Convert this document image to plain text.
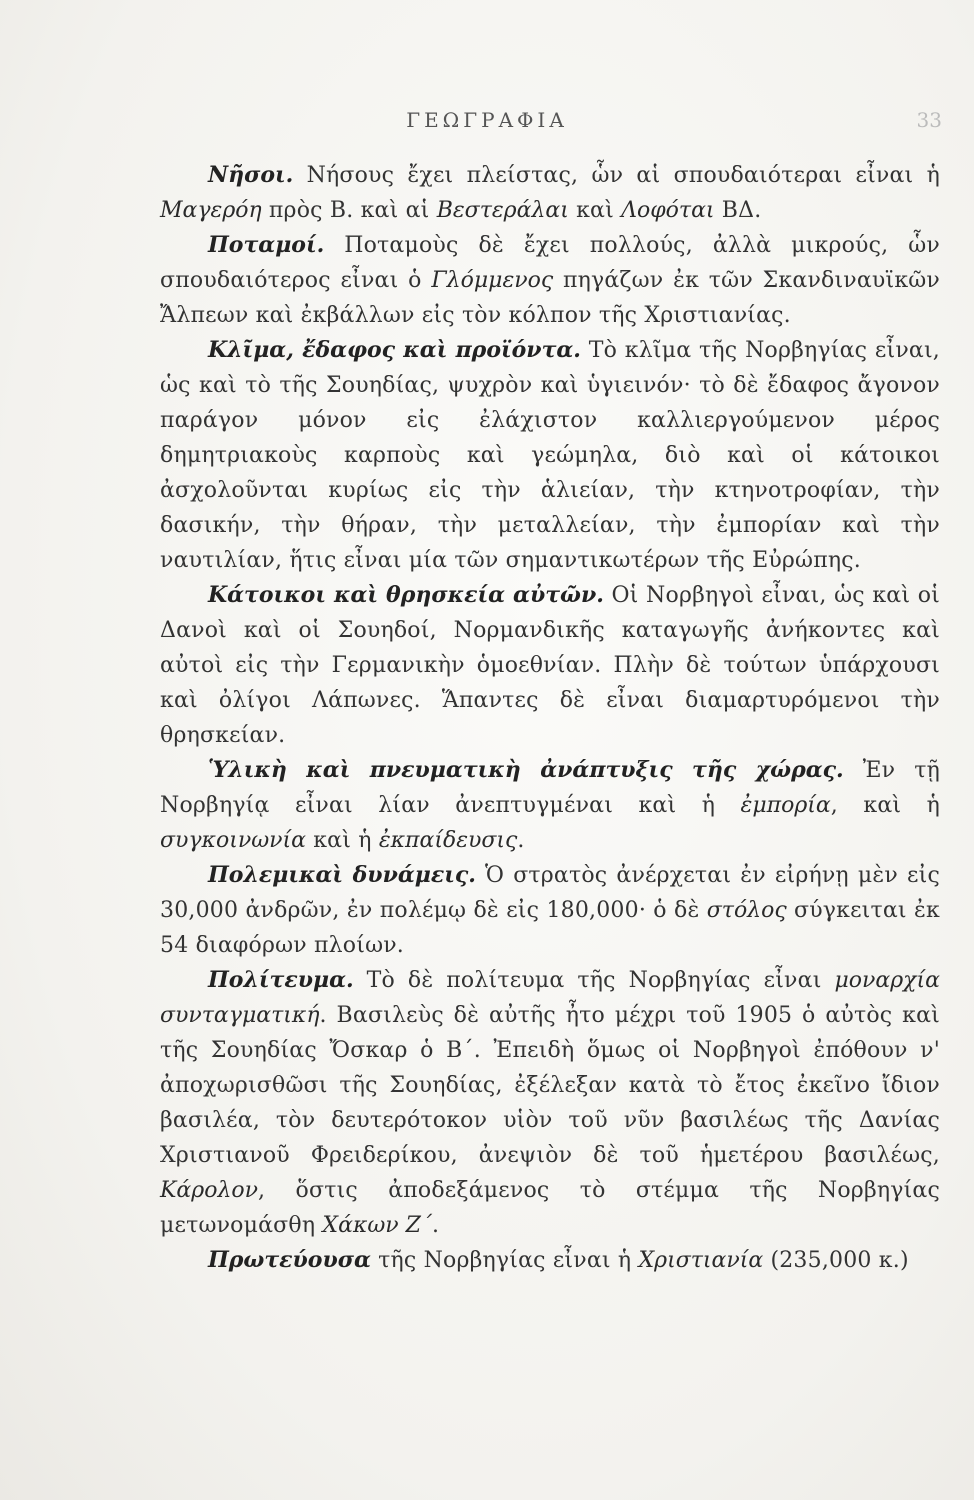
ΓΕΩΓΡΑΦΙΑ	33

Νῆσοι. Νήσους ἔχει πλείστας, ὧν αἱ σπουδαιότεραι εἶναι ἡ Μαγερόη πρὸς Β. καὶ αἱ Βεστεράλαι καὶ Λοφόται ΒΔ.

Ποταμοί. Ποταμοὺς δὲ ἔχει πολλούς, ἀλλὰ μικρούς, ὧν σπουδαιότερος εἶναι ὁ Γλόμμενος πηγάζων ἐκ τῶν Σκανδιναυϊκῶν Ἄλπεων καὶ ἐκβάλλων εἰς τὸν κόλπον τῆς Χριστιανίας.

Κλῖμα, ἔδαφος καὶ προϊόντα. Τὸ κλῖμα τῆς Νορβηγίας εἶναι, ὡς καὶ τὸ τῆς Σουηδίας, ψυχρὸν καὶ ὑγιεινόν· τὸ δὲ ἔδαφος ἄγονον παράγον μόνον εἰς ἐλάχιστον καλλιεργούμενον μέρος δημητριακοὺς καρποὺς καὶ γεώμηλα, διὸ καὶ οἱ κάτοικοι ἀσχολοῦνται κυρίως εἰς τὴν ἁλιείαν, τὴν κτηνοτροφίαν, τὴν δασικήν, τὴν θήραν, τὴν μεταλλείαν, τὴν ἐμπορίαν καὶ τὴν ναυτιλίαν, ἥτις εἶναι μία τῶν σημαντικωτέρων τῆς Εὐρώπης.

Κάτοικοι καὶ θρησκεία αὐτῶν. Οἱ Νορβηγοὶ εἶναι, ὡς καὶ οἱ Δανοὶ καὶ οἱ Σουηδοί, Νορμανδικῆς καταγωγῆς ἀνήκοντες καὶ αὐτοὶ εἰς τὴν Γερμανικὴν ὁμοεθνίαν. Πλὴν δὲ τούτων ὑπάρχουσι καὶ ὀλίγοι Λάπωνες. Ἅπαντες δὲ εἶναι διαμαρτυρόμενοι τὴν θρησκείαν.

Ὑλικὴ καὶ πνευματικὴ ἀνάπτυξις τῆς χώρας. Ἐν τῇ Νορβηγίᾳ εἶναι λίαν ἀνεπτυγμέναι καὶ ἡ ἐμπορία, καὶ ἡ συγκοινωνία καὶ ἡ ἐκπαίδευσις.

Πολεμικαὶ δυνάμεις. Ὁ στρατὸς ἀνέρχεται ἐν εἰρήνῃ μὲν εἰς 30,000 ἀνδρῶν, ἐν πολέμῳ δὲ εἰς 180,000· ὁ δὲ στόλος σύγκειται ἐκ 54 διαφόρων πλοίων.

Πολίτευμα. Τὸ δὲ πολίτευμα τῆς Νορβηγίας εἶναι μοναρχία συνταγματική. Βασιλεὺς δὲ αὐτῆς ἦτο μέχρι τοῦ 1905 ὁ αὐτὸς καὶ τῆς Σουηδίας Ὄσκαρ ὁ Β΄. Ἐπειδὴ ὅμως οἱ Νορβηγοὶ ἐπόθουν ν' ἀποχωρισθῶσι τῆς Σουηδίας, ἐξέλεξαν κατὰ τὸ ἔτος ἐκεῖνο ἴδιον βασιλέα, τὸν δευτερότοκον υἱὸν τοῦ νῦν βασιλέως τῆς Δανίας Χριστιανοῦ Φρειδερίκου, ἀνεψιὸν δὲ τοῦ ἡμετέρου βασιλέως, Κάρολον, ὅστις ἀποδεξάμενος τὸ στέμμα τῆς Νορβηγίας μετωνομάσθη Χάκων Ζ΄.

Πρωτεύουσα τῆς Νορβηγίας εἶναι ἡ Χριστιανία (235,000 κ.)
